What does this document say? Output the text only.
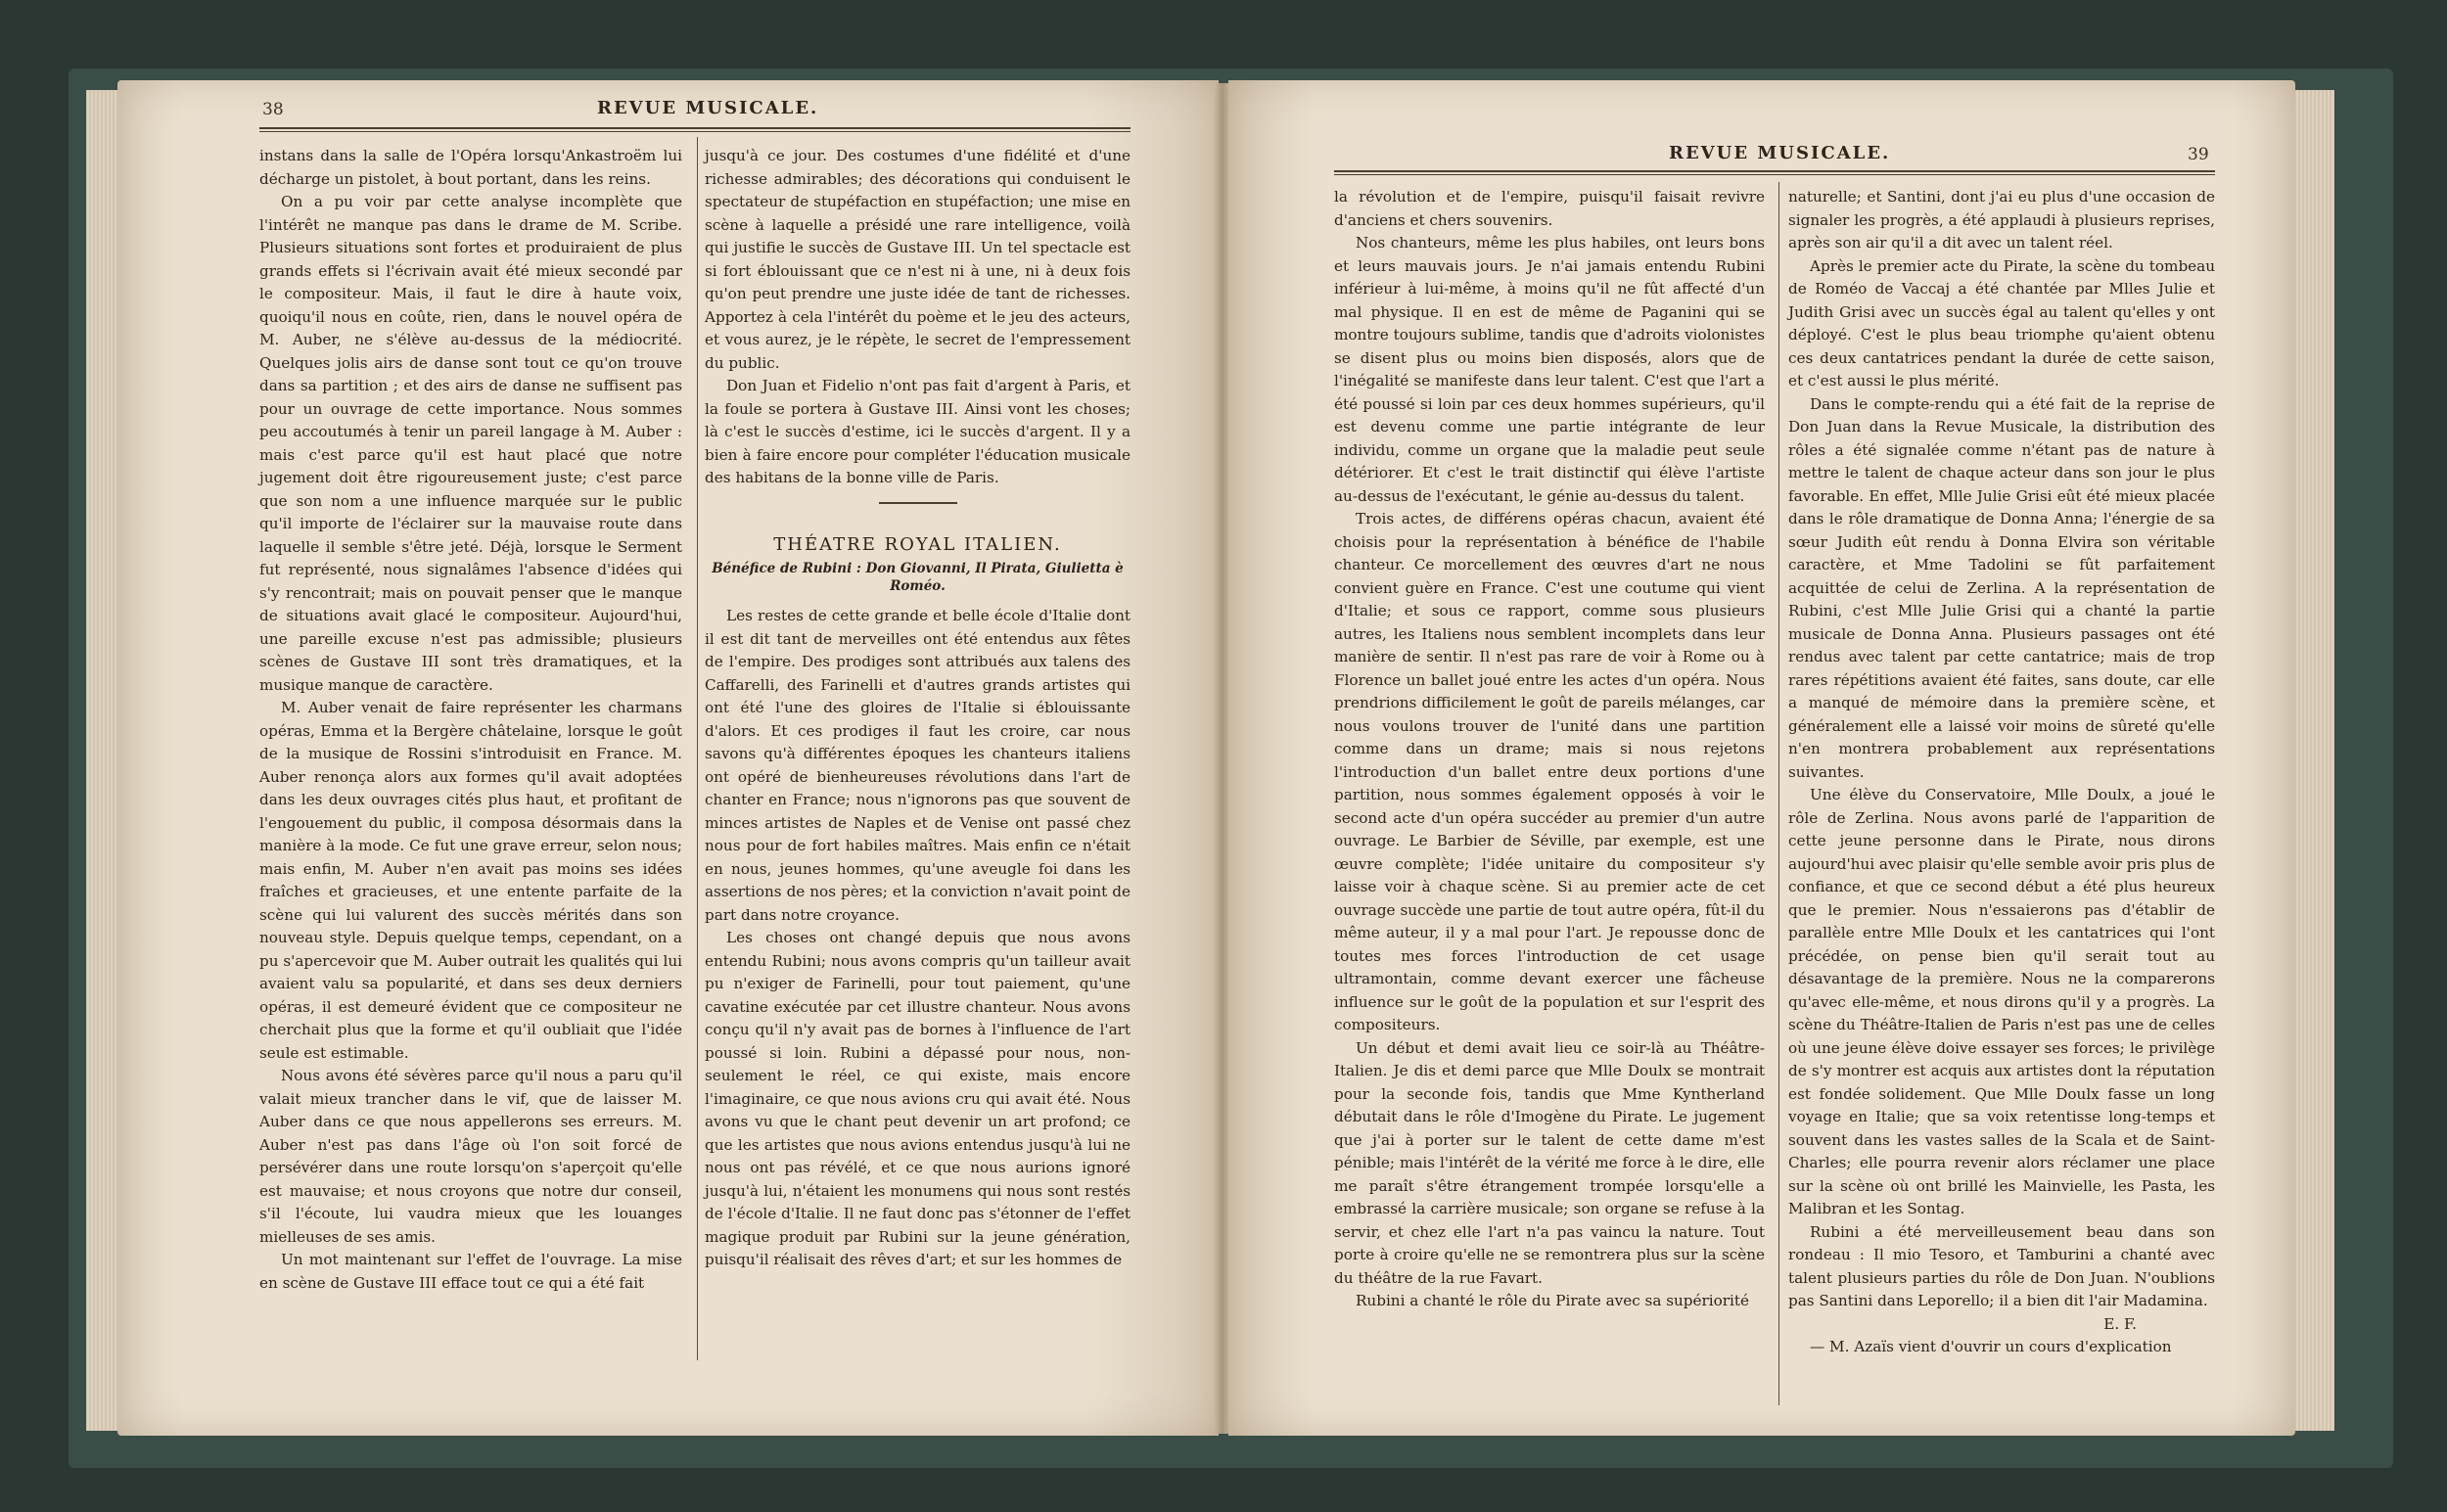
38	REVUE MUSICALE.

instans dans la salle de l'Opéra lorsqu'Ankastroëm lui décharge un pistolet, à bout portant, dans les reins.

On a pu voir par cette analyse incomplète que l'intérêt ne manque pas dans le drame de M. Scribe. Plusieurs situations sont fortes et produiraient de plus grands effets si l'écrivain avait été mieux secondé par le compositeur. Mais, il faut le dire à haute voix, quoiqu'il nous en coûte, rien, dans le nouvel opéra de M. Auber, ne s'élève au-dessus de la médiocrité. Quelques jolis airs de danse sont tout ce qu'on trouve dans sa partition ; et des airs de danse ne suffisent pas pour un ouvrage de cette importance. Nous sommes peu accoutumés à tenir un pareil langage à M. Auber : mais c'est parce qu'il est haut placé que notre jugement doit être rigoureusement juste; c'est parce que son nom a une influence marquée sur le public qu'il importe de l'éclairer sur la mauvaise route dans laquelle il semble s'être jeté. Déjà, lorsque le Serment fut représenté, nous signalâmes l'absence d'idées qui s'y rencontrait; mais on pouvait penser que le manque de situations avait glacé le compositeur. Aujourd'hui, une pareille excuse n'est pas admissible; plusieurs scènes de Gustave III sont très dramatiques, et la musique manque de caractère.

M. Auber venait de faire représenter les charmans opéras, Emma et la Bergère châtelaine, lorsque le goût de la musique de Rossini s'introduisit en France. M. Auber renonça alors aux formes qu'il avait adoptées dans les deux ouvrages cités plus haut, et profitant de l'engouement du public, il composa désormais dans la manière à la mode. Ce fut une grave erreur, selon nous; mais enfin, M. Auber n'en avait pas moins ses idées fraîches et gracieuses, et une entente parfaite de la scène qui lui valurent des succès mérités dans son nouveau style. Depuis quelque temps, cependant, on a pu s'apercevoir que M. Auber outrait les qualités qui lui avaient valu sa popularité, et dans ses deux derniers opéras, il est demeuré évident que ce compositeur ne cherchait plus que la forme et qu'il oubliait que l'idée seule est estimable.

Nous avons été sévères parce qu'il nous a paru qu'il valait mieux trancher dans le vif, que de laisser M. Auber dans ce que nous appellerons ses erreurs. M. Auber n'est pas dans l'âge où l'on soit forcé de persévérer dans une route lorsqu'on s'aperçoit qu'elle est mauvaise; et nous croyons que notre dur conseil, s'il l'écoute, lui vaudra mieux que les louanges mielleuses de ses amis.

Un mot maintenant sur l'effet de l'ouvrage. La mise en scène de Gustave III efface tout ce qui a été fait

jusqu'à ce jour. Des costumes d'une fidélité et d'une richesse admirables; des décorations qui conduisent le spectateur de stupéfaction en stupéfaction; une mise en scène à laquelle a présidé une rare intelligence, voilà qui justifie le succès de Gustave III. Un tel spectacle est si fort éblouissant que ce n'est ni à une, ni à deux fois qu'on peut prendre une juste idée de tant de richesses. Apportez à cela l'intérêt du poème et le jeu des acteurs, et vous aurez, je le répète, le secret de l'empressement du public.

Don Juan et Fidelio n'ont pas fait d'argent à Paris, et la foule se portera à Gustave III. Ainsi vont les choses; là c'est le succès d'estime, ici le succès d'argent. Il y a bien à faire encore pour compléter l'éducation musicale des habitans de la bonne ville de Paris.

THÉATRE ROYAL ITALIEN.
Bénéfice de Rubini : Don Giovanni, Il Pirata, Giulietta è Roméo.

Les restes de cette grande et belle école d'Italie dont il est dit tant de merveilles ont été entendus aux fêtes de l'empire. Des prodiges sont attribués aux talens des Caffarelli, des Farinelli et d'autres grands artistes qui ont été l'une des gloires de l'Italie si éblouissante d'alors. Et ces prodiges il faut les croire, car nous savons qu'à différentes époques les chanteurs italiens ont opéré de bienheureuses révolutions dans l'art de chanter en France; nous n'ignorons pas que souvent de minces artistes de Naples et de Venise ont passé chez nous pour de fort habiles maîtres. Mais enfin ce n'était en nous, jeunes hommes, qu'une aveugle foi dans les assertions de nos pères; et la conviction n'avait point de part dans notre croyance.

Les choses ont changé depuis que nous avons entendu Rubini; nous avons compris qu'un tailleur avait pu n'exiger de Farinelli, pour tout paiement, qu'une cavatine exécutée par cet illustre chanteur. Nous avons conçu qu'il n'y avait pas de bornes à l'influence de l'art poussé si loin. Rubini a dépassé pour nous, non-seulement le réel, ce qui existe, mais encore l'imaginaire, ce que nous avions cru qui avait été. Nous avons vu que le chant peut devenir un art profond; ce que les artistes que nous avions entendus jusqu'à lui ne nous ont pas révélé, et ce que nous aurions ignoré jusqu'à lui, n'étaient les monumens qui nous sont restés de l'école d'Italie. Il ne faut donc pas s'étonner de l'effet magique produit par Rubini sur la jeune génération, puisqu'il réalisait des rêves d'art; et sur les hommes de

REVUE MUSICALE.	39

la révolution et de l'empire, puisqu'il faisait revivre d'anciens et chers souvenirs.

Nos chanteurs, même les plus habiles, ont leurs bons et leurs mauvais jours. Je n'ai jamais entendu Rubini inférieur à lui-même, à moins qu'il ne fût affecté d'un mal physique. Il en est de même de Paganini qui se montre toujours sublime, tandis que d'adroits violonistes se disent plus ou moins bien disposés, alors que de l'inégalité se manifeste dans leur talent. C'est que l'art a été poussé si loin par ces deux hommes supérieurs, qu'il est devenu comme une partie intégrante de leur individu, comme un organe que la maladie peut seule détériorer. Et c'est le trait distinctif qui élève l'artiste au-dessus de l'exécutant, le génie au-dessus du talent.

Trois actes, de différens opéras chacun, avaient été choisis pour la représentation à bénéfice de l'habile chanteur. Ce morcellement des œuvres d'art ne nous convient guère en France. C'est une coutume qui vient d'Italie; et sous ce rapport, comme sous plusieurs autres, les Italiens nous semblent incomplets dans leur manière de sentir. Il n'est pas rare de voir à Rome ou à Florence un ballet joué entre les actes d'un opéra. Nous prendrions difficilement le goût de pareils mélanges, car nous voulons trouver de l'unité dans une partition comme dans un drame; mais si nous rejetons l'introduction d'un ballet entre deux portions d'une partition, nous sommes également opposés à voir le second acte d'un opéra succéder au premier d'un autre ouvrage. Le Barbier de Séville, par exemple, est une œuvre complète; l'idée unitaire du compositeur s'y laisse voir à chaque scène. Si au premier acte de cet ouvrage succède une partie de tout autre opéra, fût-il du même auteur, il y a mal pour l'art. Je repousse donc de toutes mes forces l'introduction de cet usage ultramontain, comme devant exercer une fâcheuse influence sur le goût de la population et sur l'esprit des compositeurs.

Un début et demi avait lieu ce soir-là au Théâtre-Italien. Je dis et demi parce que Mlle Doulx se montrait pour la seconde fois, tandis que Mme Kyntherland débutait dans le rôle d'Imogène du Pirate. Le jugement que j'ai à porter sur le talent de cette dame m'est pénible; mais l'intérêt de la vérité me force à le dire, elle me paraît s'être étrangement trompée lorsqu'elle a embrassé la carrière musicale; son organe se refuse à la servir, et chez elle l'art n'a pas vaincu la nature. Tout porte à croire qu'elle ne se remontrera plus sur la scène du théâtre de la rue Favart.

Rubini a chanté le rôle du Pirate avec sa supériorité

naturelle; et Santini, dont j'ai eu plus d'une occasion de signaler les progrès, a été applaudi à plusieurs reprises, après son air qu'il a dit avec un talent réel.

Après le premier acte du Pirate, la scène du tombeau de Roméo de Vaccaj a été chantée par Mlles Julie et Judith Grisi avec un succès égal au talent qu'elles y ont déployé. C'est le plus beau triomphe qu'aient obtenu ces deux cantatrices pendant la durée de cette saison, et c'est aussi le plus mérité.

Dans le compte-rendu qui a été fait de la reprise de Don Juan dans la Revue Musicale, la distribution des rôles a été signalée comme n'étant pas de nature à mettre le talent de chaque acteur dans son jour le plus favorable. En effet, Mlle Julie Grisi eût été mieux placée dans le rôle dramatique de Donna Anna; l'énergie de sa sœur Judith eût rendu à Donna Elvira son véritable caractère, et Mme Tadolini se fût parfaitement acquittée de celui de Zerlina. A la représentation de Rubini, c'est Mlle Julie Grisi qui a chanté la partie musicale de Donna Anna. Plusieurs passages ont été rendus avec talent par cette cantatrice; mais de trop rares répétitions avaient été faites, sans doute, car elle a manqué de mémoire dans la première scène, et généralement elle a laissé voir moins de sûreté qu'elle n'en montrera probablement aux représentations suivantes.

Une élève du Conservatoire, Mlle Doulx, a joué le rôle de Zerlina. Nous avons parlé de l'apparition de cette jeune personne dans le Pirate, nous dirons aujourd'hui avec plaisir qu'elle semble avoir pris plus de confiance, et que ce second début a été plus heureux que le premier. Nous n'essaierons pas d'établir de parallèle entre Mlle Doulx et les cantatrices qui l'ont précédée, on pense bien qu'il serait tout au désavantage de la première. Nous ne la comparerons qu'avec elle-même, et nous dirons qu'il y a progrès. La scène du Théâtre-Italien de Paris n'est pas une de celles où une jeune élève doive essayer ses forces; le privilège de s'y montrer est acquis aux artistes dont la réputation est fondée solidement. Que Mlle Doulx fasse un long voyage en Italie; que sa voix retentisse long-temps et souvent dans les vastes salles de la Scala et de Saint-Charles; elle pourra revenir alors réclamer une place sur la scène où ont brillé les Mainvielle, les Pasta, les Malibran et les Sontag.

Rubini a été merveilleusement beau dans son rondeau : Il mio Tesoro, et Tamburini a chanté avec talent plusieurs parties du rôle de Don Juan. N'oublions pas Santini dans Leporello; il a bien dit l'air Madamina.

E. F.

— M. Azaïs vient d'ouvrir un cours d'explication
